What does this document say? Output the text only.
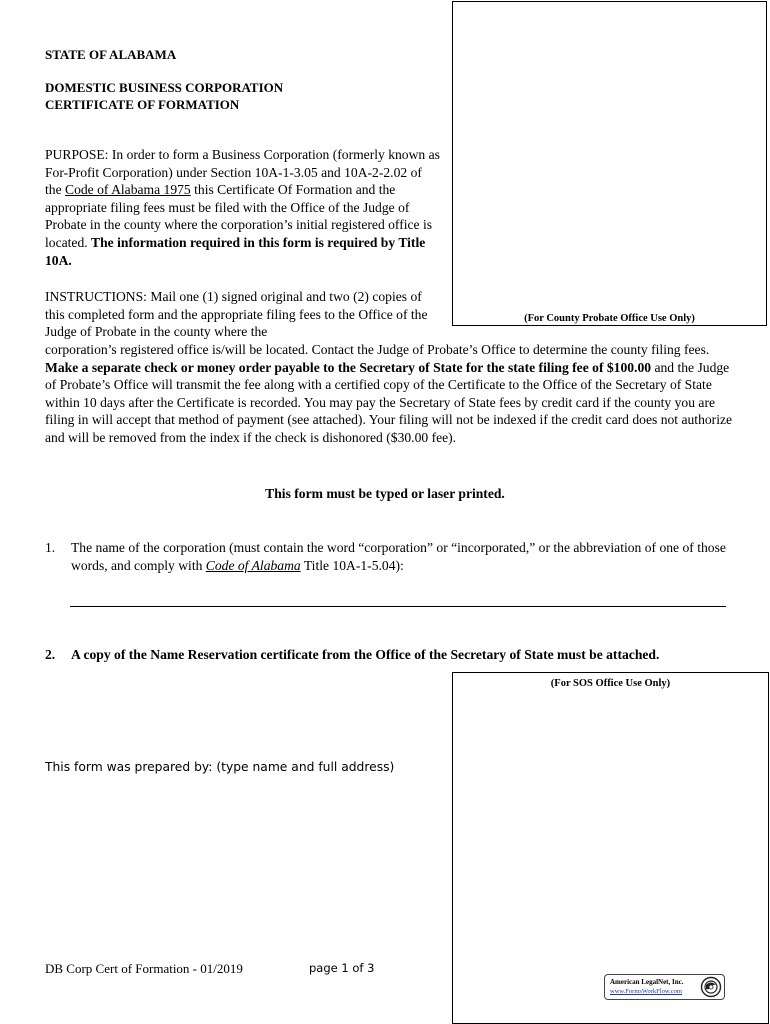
(For County Probate Office Use Only)
STATE OF ALABAMA
DOMESTIC BUSINESS CORPORATION
CERTIFICATE OF FORMATION
PURPOSE: In order to form a Business Corporation (formerly known as For-Profit Corporation) under Section 10A-1-3.05 and 10A-2-2.02 of the Code of Alabama 1975 this Certificate Of Formation and the appropriate filing fees must be filed with the Office of the Judge of Probate in the county where the corporation’s initial registered office is located. The information required in this form is required by Title 10A.
INSTRUCTIONS: Mail one (1) signed original and two (2) copies of this completed form and the appropriate filing fees to the Office of the Judge of Probate in the county where the
corporation’s registered office is/will be located. Contact the Judge of Probate’s Office to determine the county filing fees. Make a separate check or money order payable to the Secretary of State for the state filing fee of $100.00 and the Judge of Probate’s Office will transmit the fee along with a certified copy of the Certificate to the Office of the Secretary of State within 10 days after the Certificate is recorded. You may pay the Secretary of State fees by credit card if the county you are filing in will accept that method of payment (see attached). Your filing will not be indexed if the credit card does not authorize and will be removed from the index if the check is dishonored ($30.00 fee).
This form must be typed or laser printed.
1. The name of the corporation (must contain the word “corporation” or “incorporated,” or the abbreviation of one of those words, and comply with Code of Alabama Title 10A-1-5.04):
2. A copy of the Name Reservation certificate from the Office of the Secretary of State must be attached.
(For SOS Office Use Only)
This form was prepared by: (type name and full address)
DB Corp Cert of Formation - 01/2019	page 1 of 3
American LegalNet, Inc.
www.FormsWorkFlow.com
